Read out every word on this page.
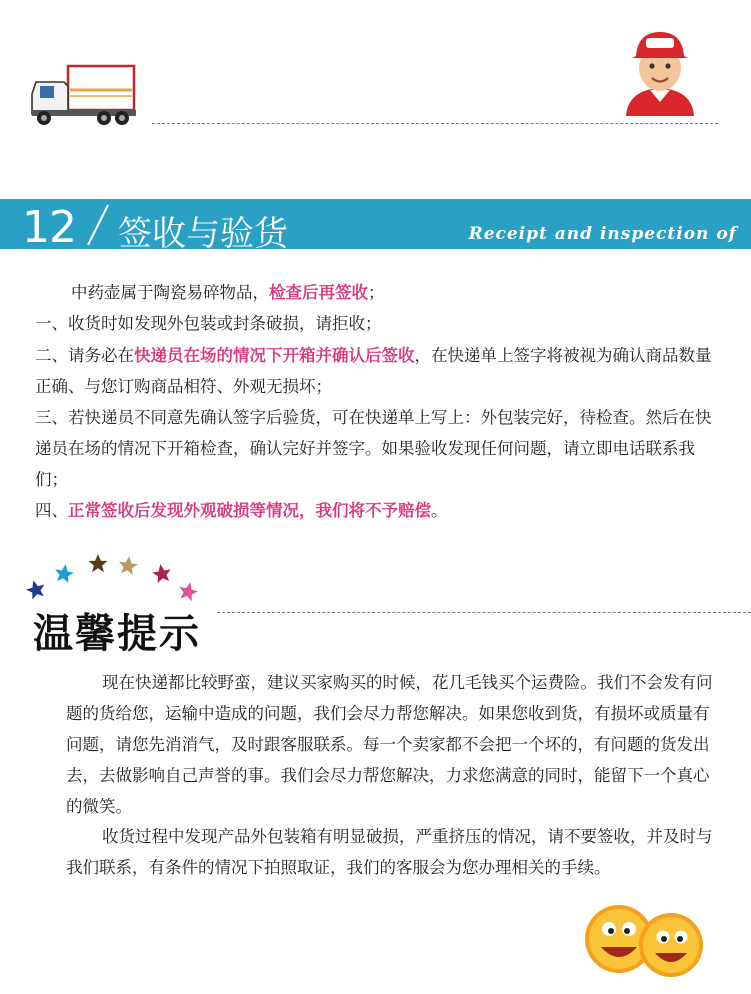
12 签收与验货	Receipt and inspection of
中药壶属于陶瓷易碎物品，检查后再签收；
一、收货时如发现外包装或封条破损，请拒收；
二、请务必在快递员在场的情况下开箱并确认后签收，在快递单上签字将被视为确认商品数量正确、与您订购商品相符、外观无损坏；
三、若快递员不同意先确认签字后验货，可在快递单上写上：外包装完好，待检查。然后在快递员在场的情况下开箱检查，确认完好并签字。如果验收发现任何问题，请立即电话联系我们；
四、正常签收后发现外观破损等情况，我们将不予赔偿。
温馨提示
现在快递都比较野蛮，建议买家购买的时候，花几毛钱买个运费险。我们不会发有问题的货给您，运输中造成的问题，我们会尽力帮您解决。如果您收到货，有损坏或质量有问题，请您先消消气，及时跟客服联系。每一个卖家都不会把一个坏的，有问题的货发出去，去做影响自己声誉的事。我们会尽力帮您解决，力求您满意的同时，能留下一个真心的微笑。
收货过程中发现产品外包装箱有明显破损，严重挤压的情况，请不要签收，并及时与我们联系，有条件的情况下拍照取证，我们的客服会为您办理相关的手续。
